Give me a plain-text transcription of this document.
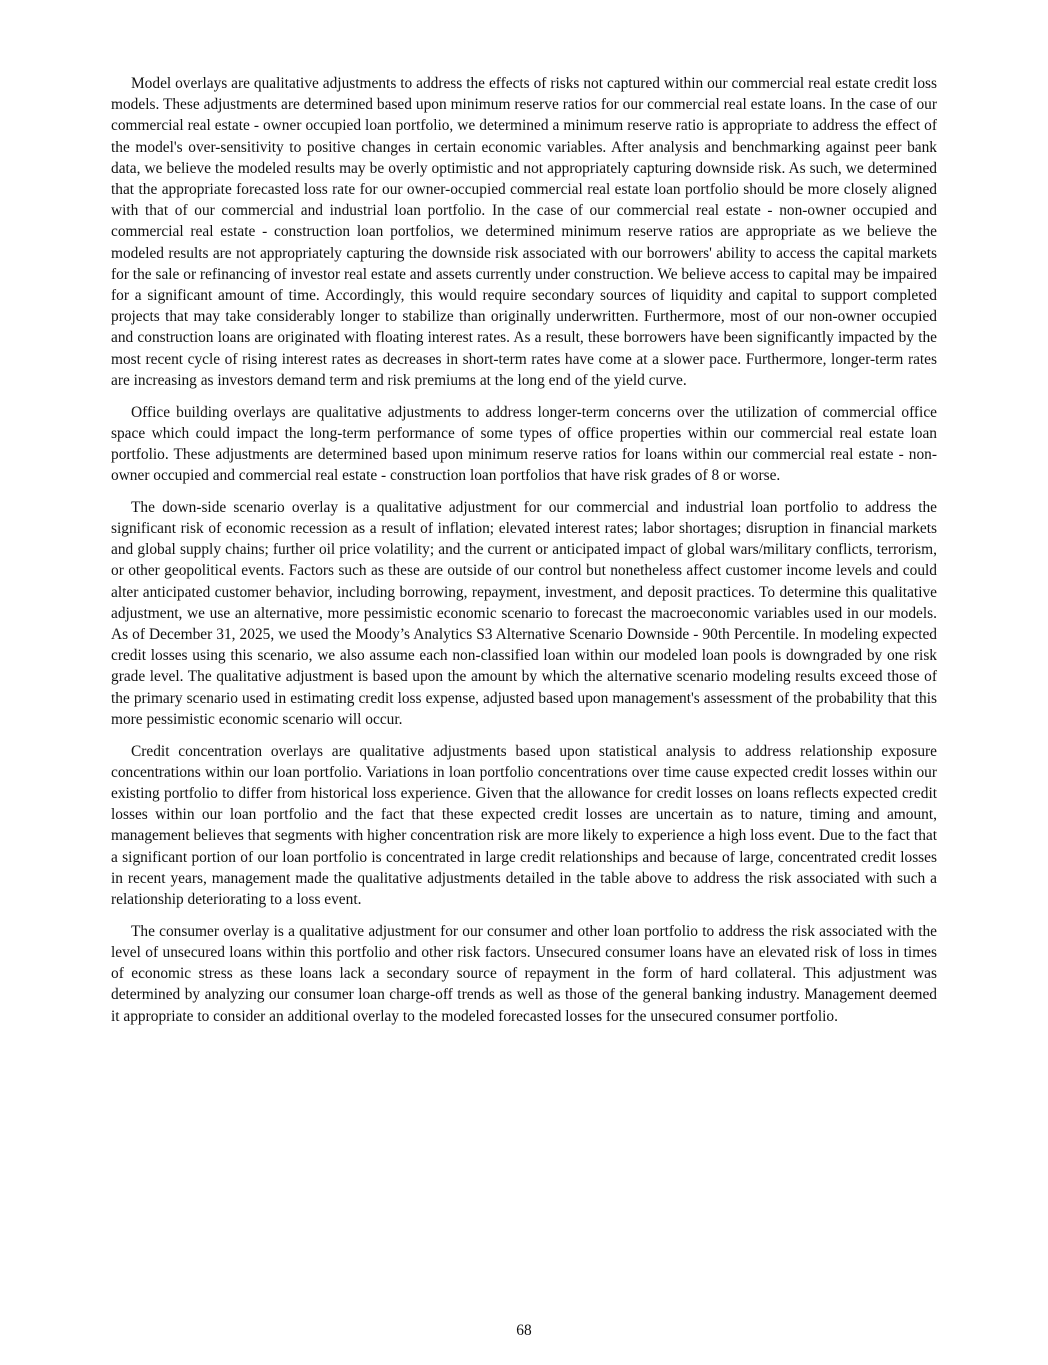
Model overlays are qualitative adjustments to address the effects of risks not captured within our commercial real estate credit loss models. These adjustments are determined based upon minimum reserve ratios for our commercial real estate loans. In the case of our commercial real estate - owner occupied loan portfolio, we determined a minimum reserve ratio is appropriate to address the effect of the model's over-sensitivity to positive changes in certain economic variables. After analysis and benchmarking against peer bank data, we believe the modeled results may be overly optimistic and not appropriately capturing downside risk. As such, we determined that the appropriate forecasted loss rate for our owner-occupied commercial real estate loan portfolio should be more closely aligned with that of our commercial and industrial loan portfolio. In the case of our commercial real estate - non-owner occupied and commercial real estate - construction loan portfolios, we determined minimum reserve ratios are appropriate as we believe the modeled results are not appropriately capturing the downside risk associated with our borrowers' ability to access the capital markets for the sale or refinancing of investor real estate and assets currently under construction. We believe access to capital may be impaired for a significant amount of time. Accordingly, this would require secondary sources of liquidity and capital to support completed projects that may take considerably longer to stabilize than originally underwritten. Furthermore, most of our non-owner occupied and construction loans are originated with floating interest rates. As a result, these borrowers have been significantly impacted by the most recent cycle of rising interest rates as decreases in short-term rates have come at a slower pace. Furthermore, longer-term rates are increasing as investors demand term and risk premiums at the long end of the yield curve.

Office building overlays are qualitative adjustments to address longer-term concerns over the utilization of commercial office space which could impact the long-term performance of some types of office properties within our commercial real estate loan portfolio. These adjustments are determined based upon minimum reserve ratios for loans within our commercial real estate - non-owner occupied and commercial real estate - construction loan portfolios that have risk grades of 8 or worse.

The down-side scenario overlay is a qualitative adjustment for our commercial and industrial loan portfolio to address the significant risk of economic recession as a result of inflation; elevated interest rates; labor shortages; disruption in financial markets and global supply chains; further oil price volatility; and the current or anticipated impact of global wars/military conflicts, terrorism, or other geopolitical events. Factors such as these are outside of our control but nonetheless affect customer income levels and could alter anticipated customer behavior, including borrowing, repayment, investment, and deposit practices. To determine this qualitative adjustment, we use an alternative, more pessimistic economic scenario to forecast the macroeconomic variables used in our models. As of December 31, 2025, we used the Moody’s Analytics S3 Alternative Scenario Downside - 90th Percentile. In modeling expected credit losses using this scenario, we also assume each non-classified loan within our modeled loan pools is downgraded by one risk grade level. The qualitative adjustment is based upon the amount by which the alternative scenario modeling results exceed those of the primary scenario used in estimating credit loss expense, adjusted based upon management's assessment of the probability that this more pessimistic economic scenario will occur.

Credit concentration overlays are qualitative adjustments based upon statistical analysis to address relationship exposure concentrations within our loan portfolio. Variations in loan portfolio concentrations over time cause expected credit losses within our existing portfolio to differ from historical loss experience. Given that the allowance for credit losses on loans reflects expected credit losses within our loan portfolio and the fact that these expected credit losses are uncertain as to nature, timing and amount, management believes that segments with higher concentration risk are more likely to experience a high loss event. Due to the fact that a significant portion of our loan portfolio is concentrated in large credit relationships and because of large, concentrated credit losses in recent years, management made the qualitative adjustments detailed in the table above to address the risk associated with such a relationship deteriorating to a loss event.

The consumer overlay is a qualitative adjustment for our consumer and other loan portfolio to address the risk associated with the level of unsecured loans within this portfolio and other risk factors. Unsecured consumer loans have an elevated risk of loss in times of economic stress as these loans lack a secondary source of repayment in the form of hard collateral. This adjustment was determined by analyzing our consumer loan charge-off trends as well as those of the general banking industry. Management deemed it appropriate to consider an additional overlay to the modeled forecasted losses for the unsecured consumer portfolio.

68
